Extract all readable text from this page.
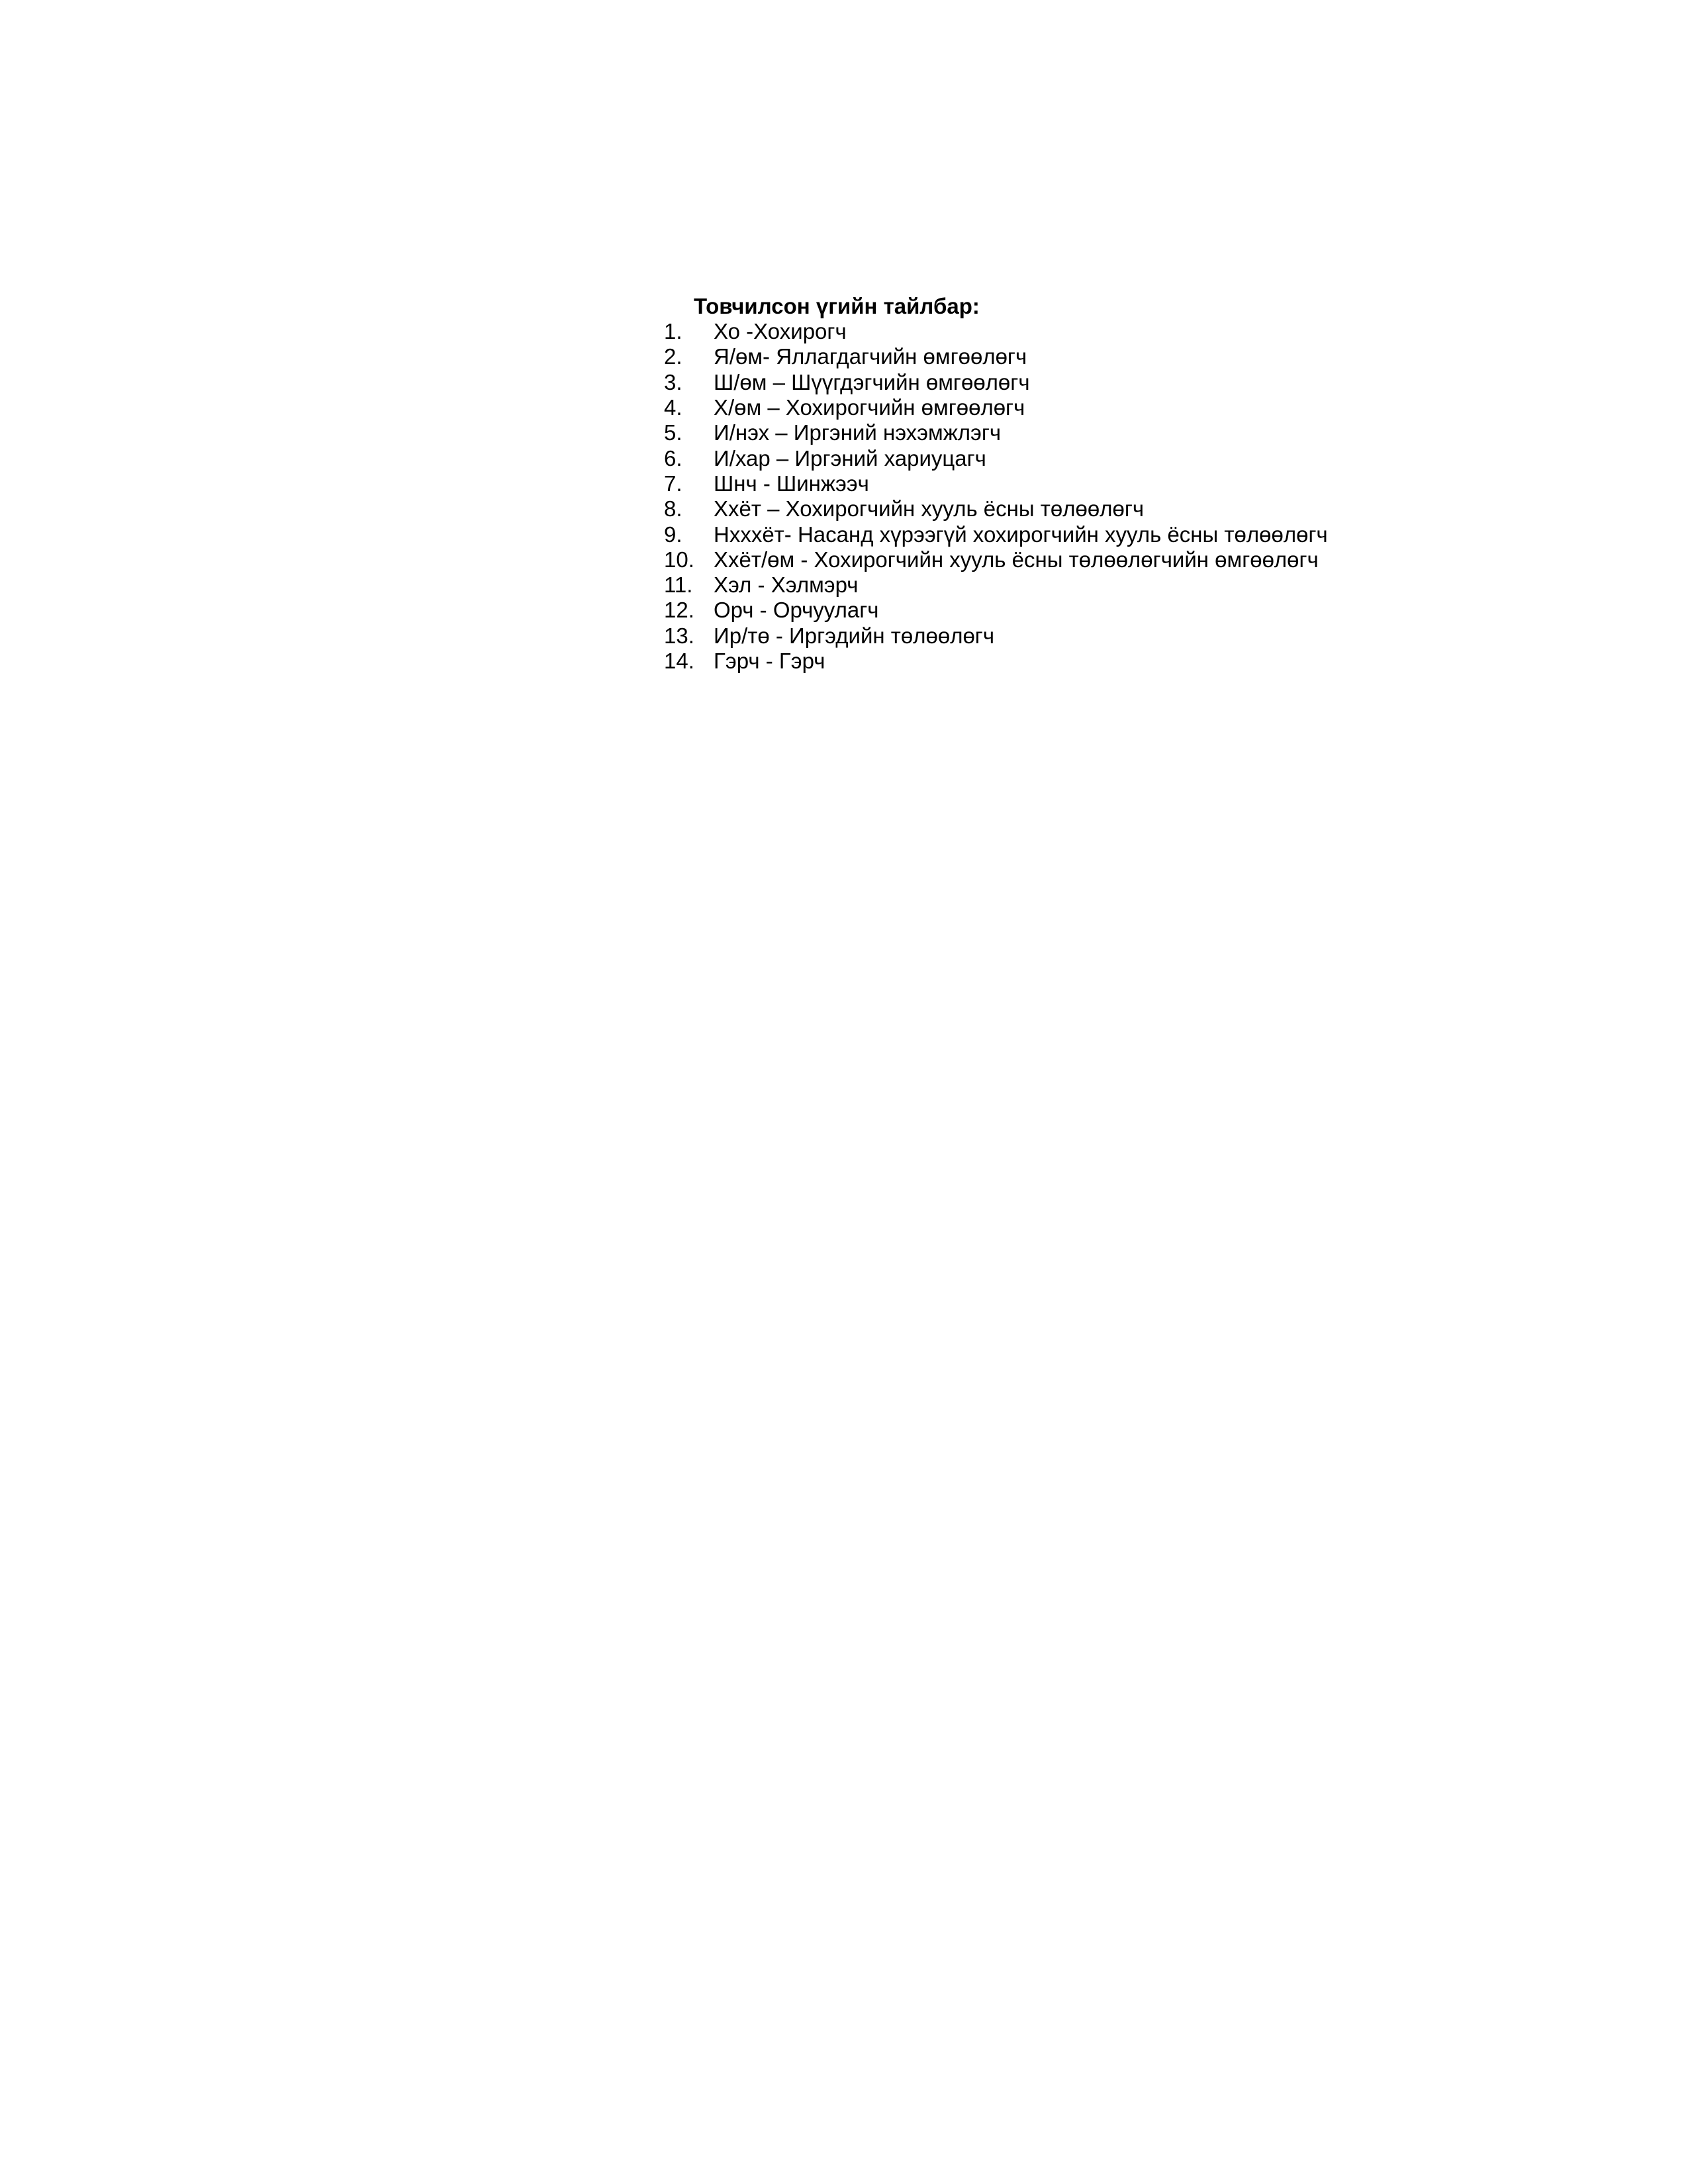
Товчилсон үгийн тайлбар:
1.	Хо -Хохирогч
2.	Я/өм- Яллагдагчийн өмгөөлөгч
3.	Ш/өм – Шүүгдэгчийн өмгөөлөгч
4.	Х/өм – Хохирогчийн өмгөөлөгч
5.	И/нэх – Иргэний нэхэмжлэгч
6.	И/хар – Иргэний хариуцагч
7.	Шнч - Шинжээч
8.	Ххёт – Хохирогчийн хууль ёсны төлөөлөгч
9.	Нхххёт- Насанд хүрээгүй хохирогчийн хууль ёсны төлөөлөгч
10. Ххёт/өм - Хохирогчийн хууль ёсны төлөөлөгчийн өмгөөлөгч
11. Хэл - Хэлмэрч
12. Орч - Орчуулагч
13. Ир/тө - Иргэдийн төлөөлөгч
14. Гэрч - Гэрч
